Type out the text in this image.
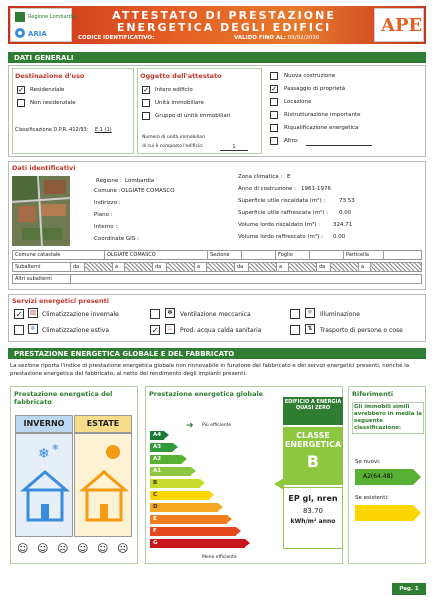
Regione Lombardia
ARIA
ATTESTATO DI PRESTAZIONE
ENERGETICA DEGLI EDIFICI
CODICE IDENTIFICATIVO:	VALIDO FINO AL: 09/02/2030
APE
DATI GENERALI
Destinazione d'uso
✓ Residenziale
Non residenziale
Classificazione D.P.R. 412/93: E.1 (1)
Oggetto dell'attestato
✓ Intero edificio
Unità immobiliare
Gruppo di unità immobiliari
Numero di unità immobiliari
di cui è composto l'edificio:	1
Nuova costruzione
✓ Passaggio di proprietà
Locazione
Ristrutturazione importante
Riqualificazione energetica
Altro:
Dati identificativi
Regione : Lombardia
Comune : OLGIATE COMASCO
Indirizzo :
Piano :
Interno :
Coordinate GIS :
Zona climatica : E
Anno di costruzione : 1961-1976
Superficie utile riscaldata (m²) : 73.53
Superficie utile raffrescata (m²) : 0.00
Volume lordo riscaldato (m³) : 324.71
Volume lordo raffrescato (m³) : 0.00
Comune catastale	OLGIATE COMASCO	Sezione		Foglio		Particella	
Subalterni	da		a		da		a		da		a		da		a	
Altri subalterni	
Servizi energetici presenti
✓	▥	Climatizzazione invernale
❄	Climatizzazione estiva
✻	Ventilazione meccanica
✓	♨	Prod. acqua calda sanitaria
☼	Illuminazione
⇅	Trasporto di persone o cose
PRESTAZIONE ENERGETICA GLOBALE E DEL FABBRICATO
La sezione riporta l'indice di prestazione energetica globale non rinnovabile in funzione del fabbricato e dei servizi energetici presenti, nonché la prestazione energetica del fabbricato, al netto del rendimento degli impianti presenti.
Prestazione energetica del fabbricato
INVERNO	ESTATE
❄ ❄
☺ ☺ ☹ ☺ ☺ ☹
Prestazione energetica globale
➜ Più efficiente
A4
A3
A2
A1
B
C
D
E
F
G
Meno efficiente
EDIFICIO A ENERGIA QUASI ZERO
CLASSE ENERGETICA
B
EP gl, nren
83.70
kWh/m² anno
Riferimenti
Gli immobili simili avrebbero in media la seguente classificazione:
Se nuovi:
A2(64.48)
Se esistenti:
Pag. 1
